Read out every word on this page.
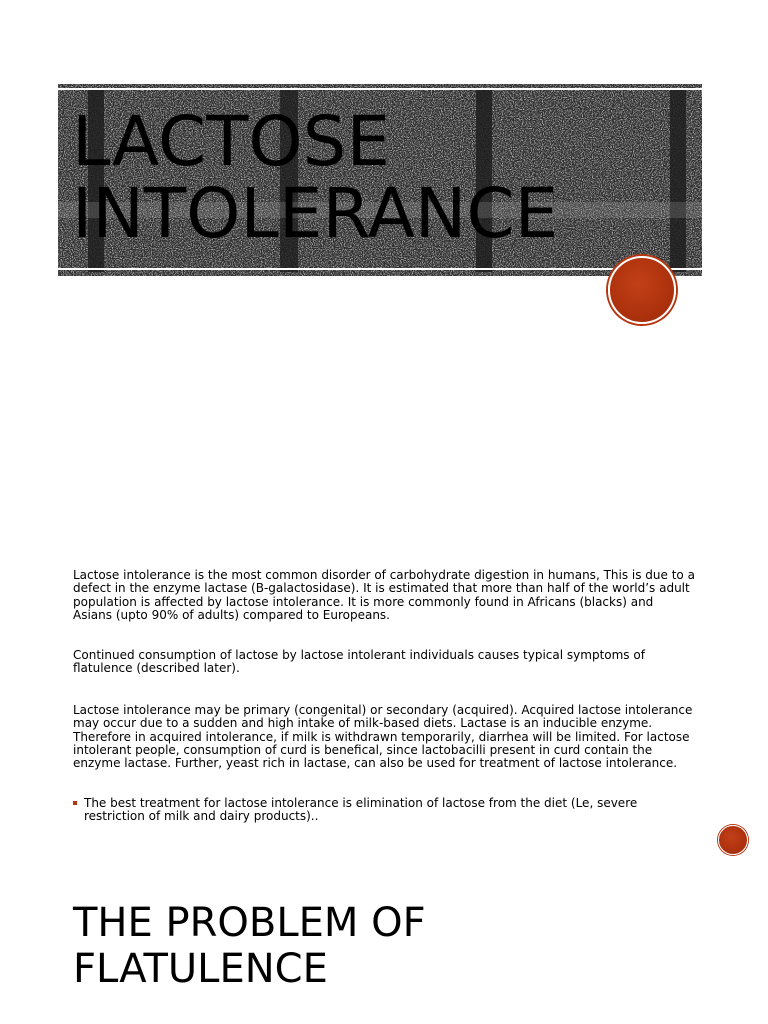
LACTOSE
INTOLERANCE

Lactose intolerance is the most common disorder of carbohydrate digestion in humans, This is due to a defect in the enzyme lactase (B-galactosidase). It is estimated that more than half of the world’s adult population is affected by lactose intolerance. It is more commonly found in Africans (blacks) and Asians (upto 90% of adults) compared to Europeans.

Continued consumption of lactose by lactose intolerant individuals causes typical symptoms of flatulence (described later).

Lactose intolerance may be primary (congenital) or secondary (acquired). Acquired lactose intolerance may occur due to a sudden and high intake of milk-based diets. Lactase is an inducible enzyme. Therefore in acquired intolerance, if milk is withdrawn temporarily, diarrhea will be limited. For lactose intolerant people, consumption of curd is benefical, since lactobacilli present in curd contain the enzyme lactase. Further, yeast rich in lactase, can also be used for treatment of lactose intolerance.

The best treatment for lactose intolerance is elimination of lactose from the diet (Le, severe restriction of milk and dairy products)..
THE PROBLEM OF
FLATULENCE
